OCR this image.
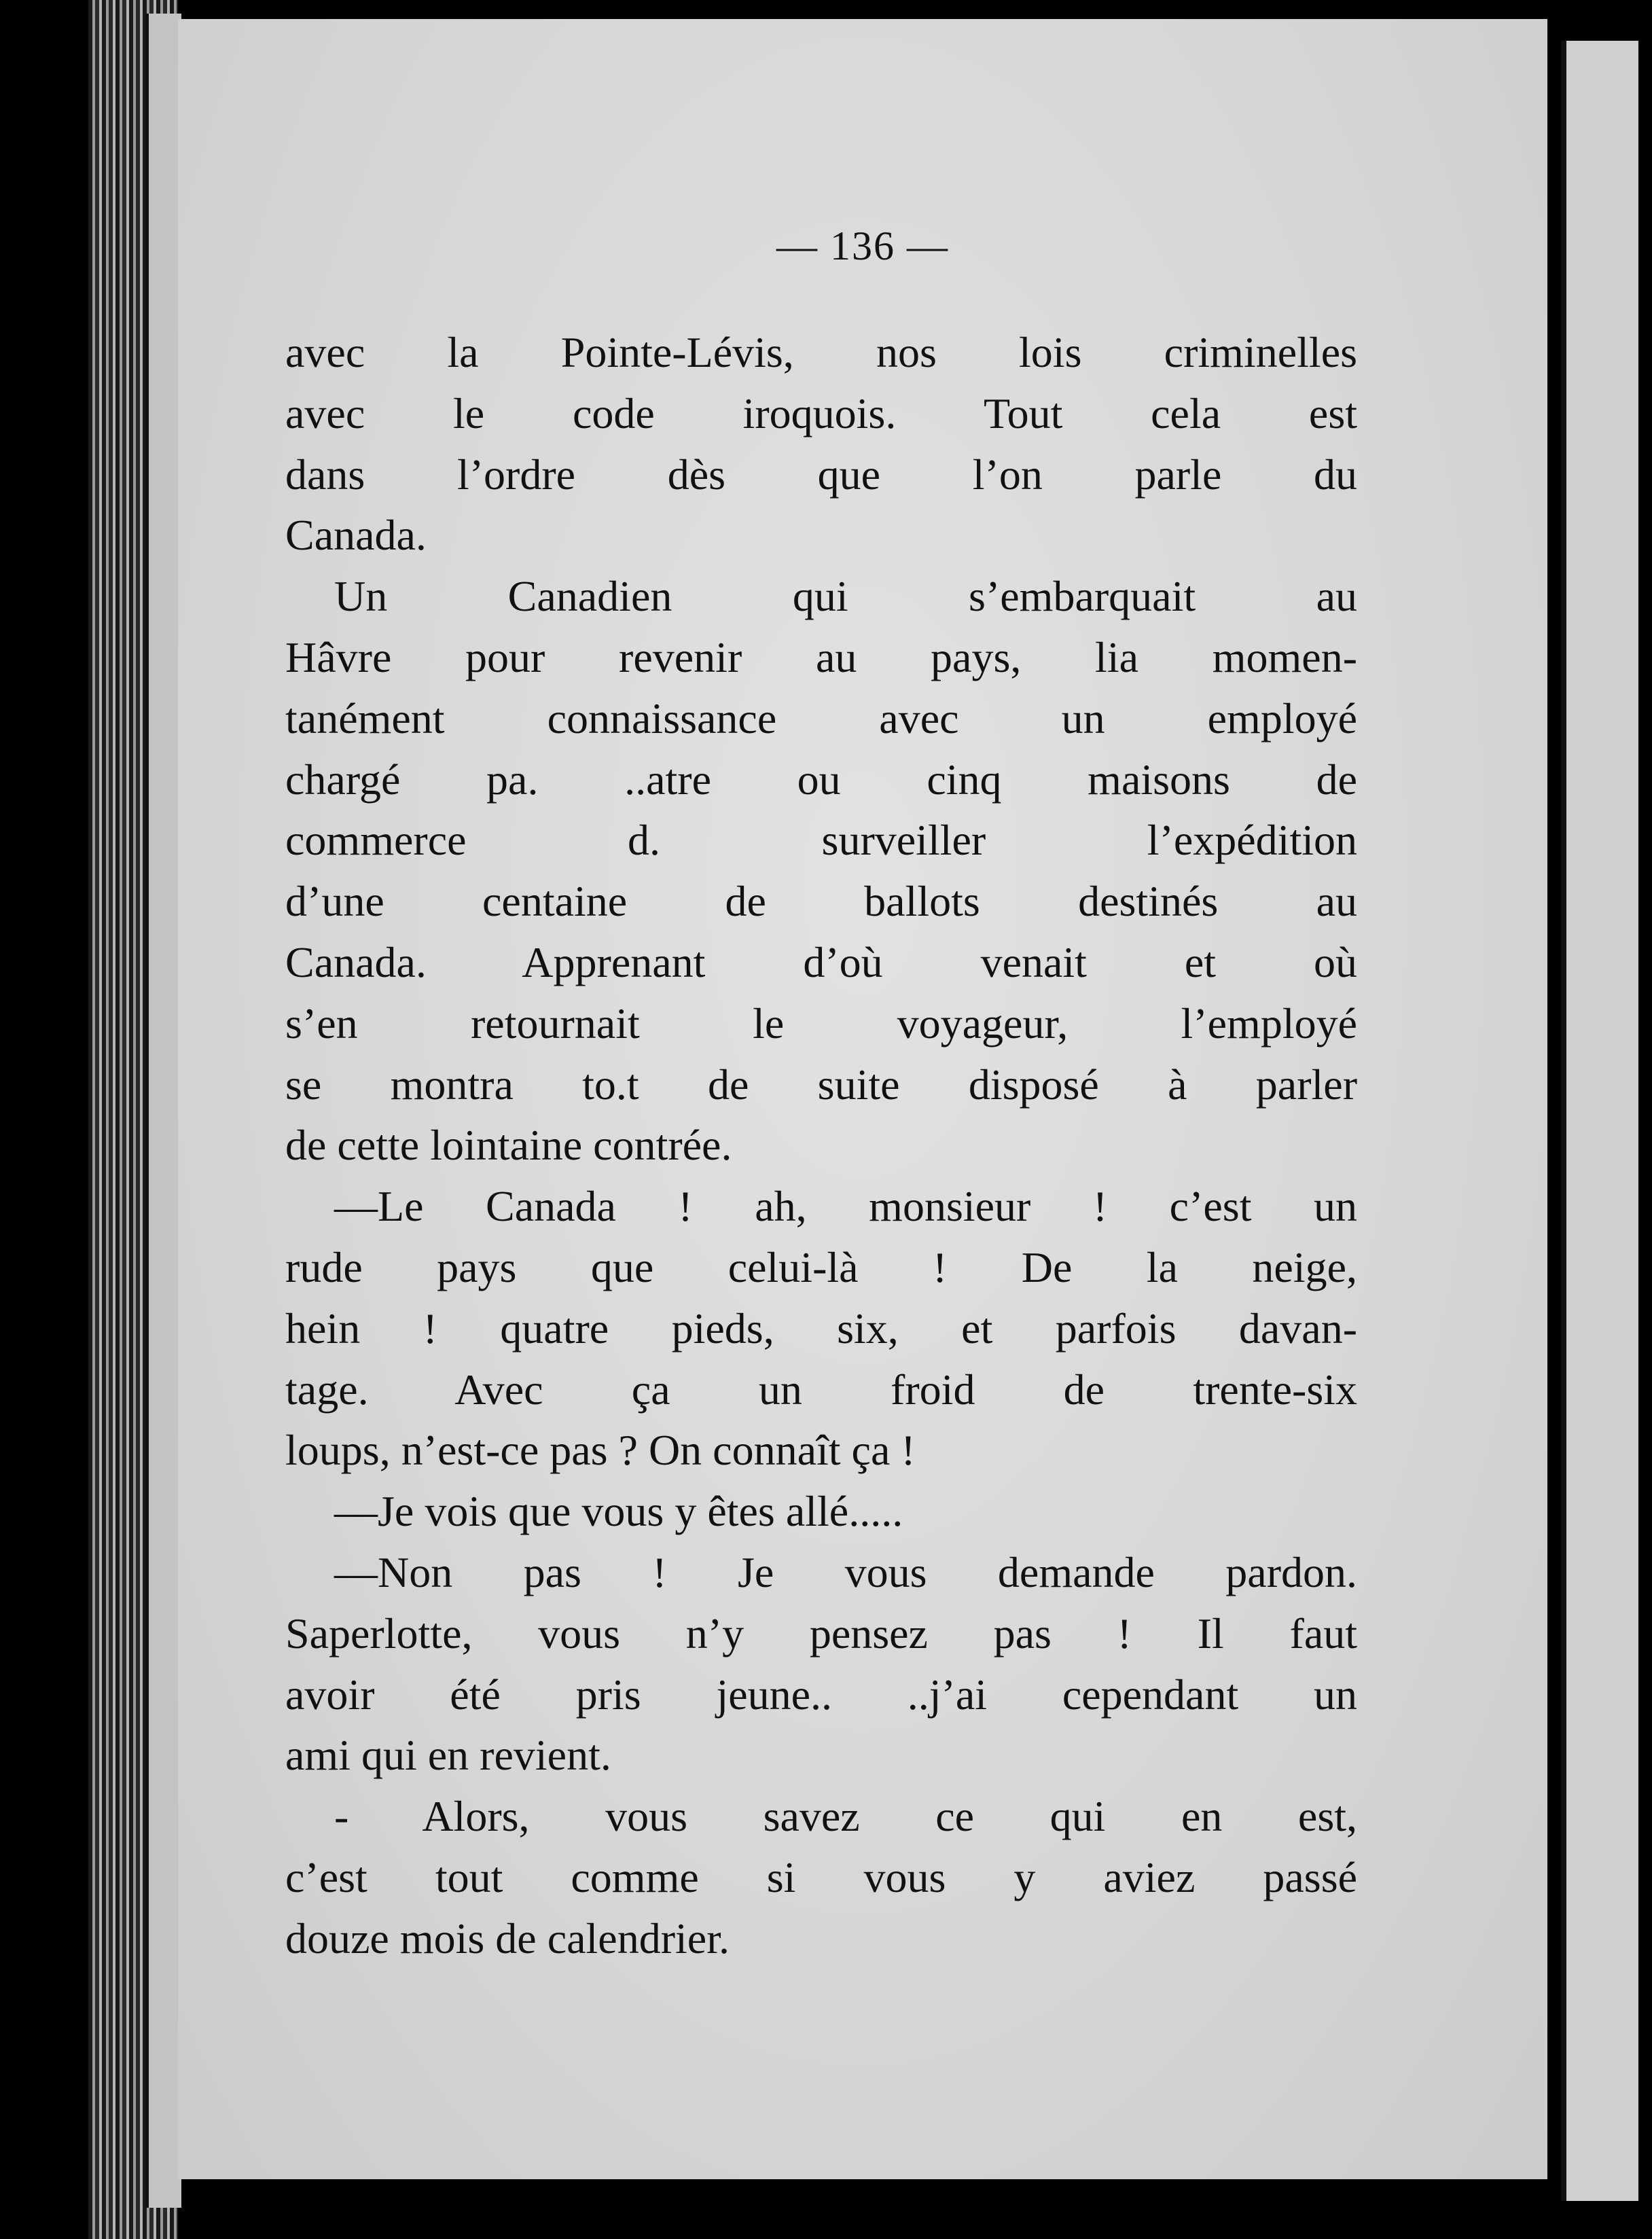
— 136 —
avec la Pointe-Lévis, nos lois criminelles
avec le code iroquois. Tout cela est
dans l’ordre dès que l’on parle du
Canada.
Un Canadien qui s’embarquait au
Hâvre pour revenir au pays, lia momen-
tanément connaissance avec un employé
chargé pa. ..atre ou cinq maisons de
commerce d. surveiller l’expédition
d’une centaine de ballots destinés au
Canada. Apprenant d’où venait et où
s’en retournait le voyageur, l’employé
se montra to.t de suite disposé à parler
de cette lointaine contrée.
—Le Canada ! ah, monsieur ! c’est un
rude pays que celui-là ! De la neige,
hein ! quatre pieds, six, et parfois davan-
tage. Avec ça un froid de trente-six
loups, n’est-ce pas ? On connaît ça !
—Je vois que vous y êtes allé.....
—Non pas ! Je vous demande pardon.
Saperlotte, vous n’y pensez pas ! Il faut
avoir été pris jeune.. ..j’ai cependant un
ami qui en revient.
- Alors, vous savez ce qui en est,
c’est tout comme si vous y aviez passé
douze mois de calendrier.
